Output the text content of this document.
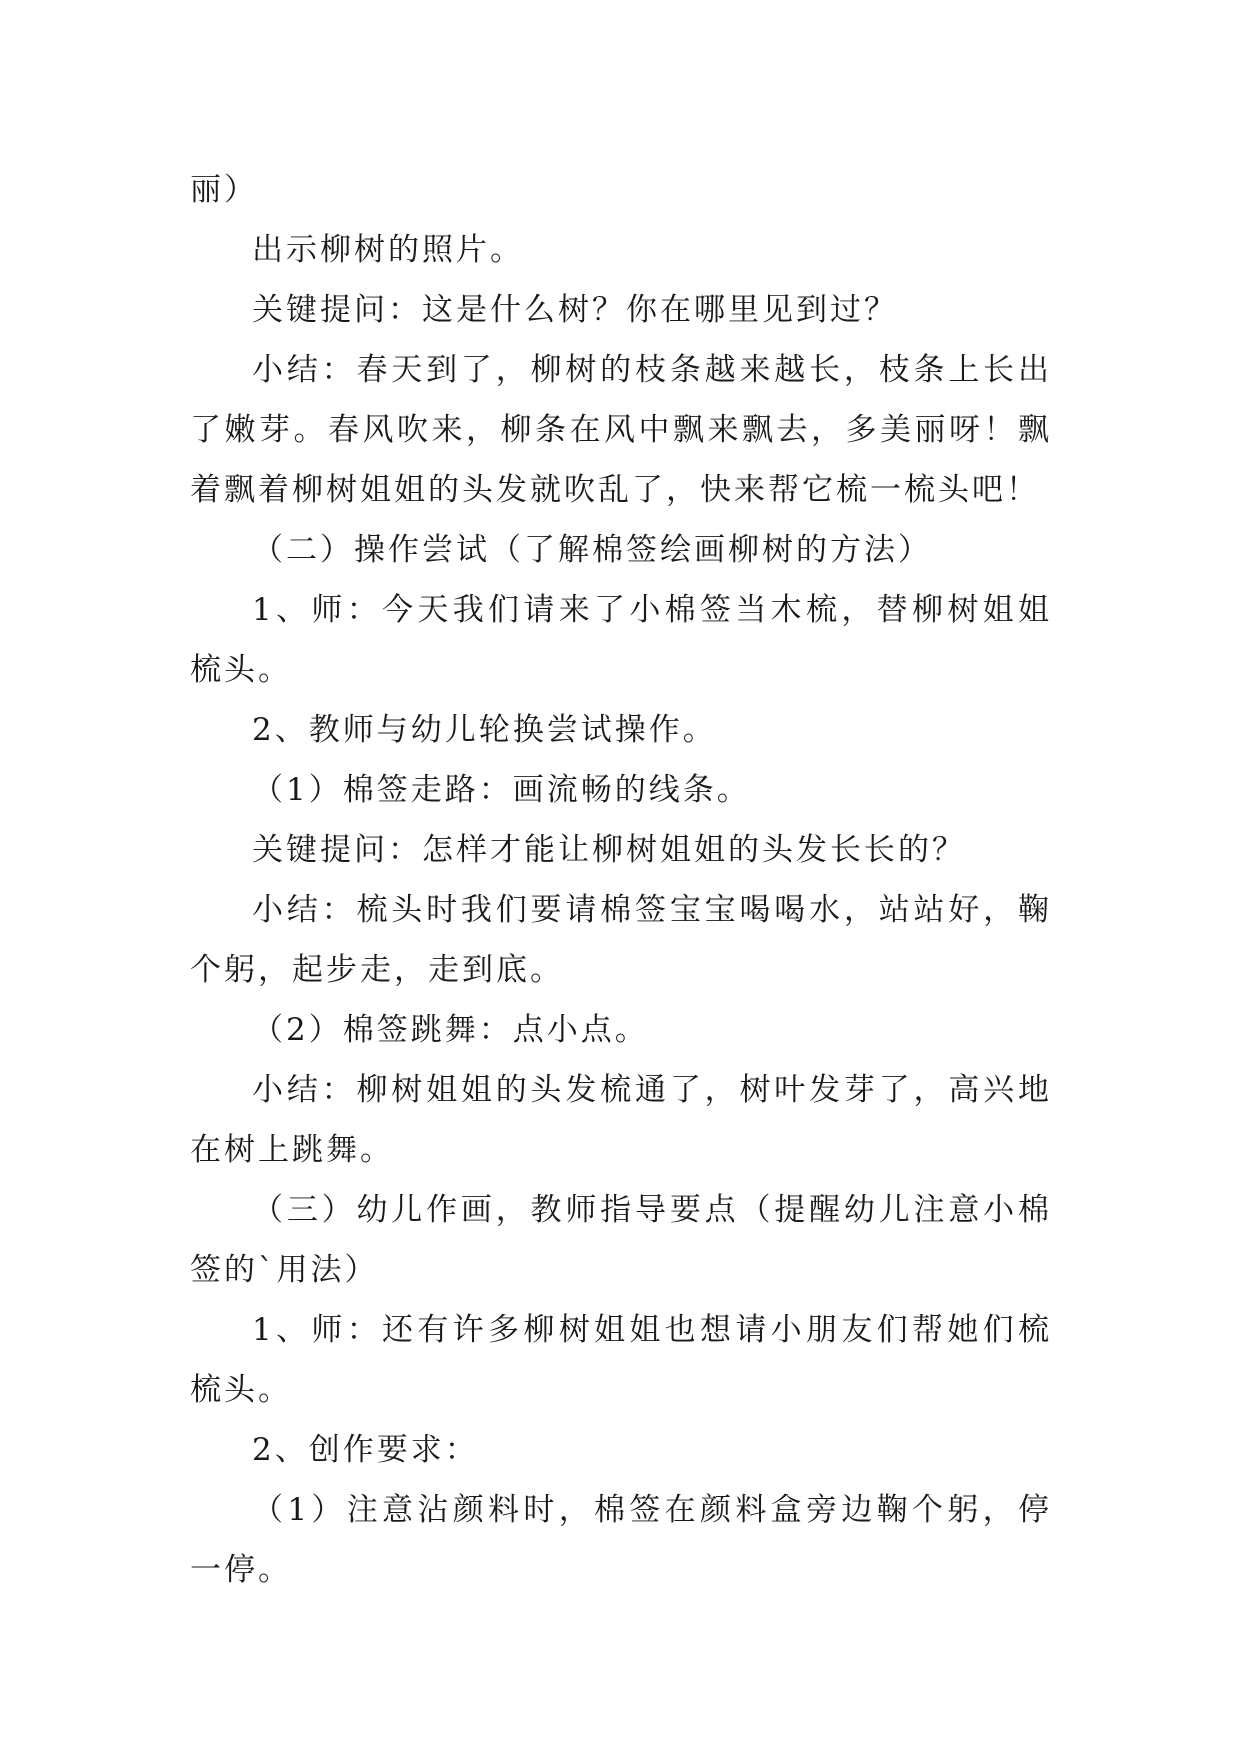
丽）

出示柳树的照片。

关键提问：这是什么树？你在哪里见到过？

小结：春天到了，柳树的枝条越来越长，枝条上长出了嫩芽。春风吹来，柳条在风中飘来飘去，多美丽呀！飘着飘着柳树姐姐的头发就吹乱了，快来帮它梳一梳头吧！

（二）操作尝试（了解棉签绘画柳树的方法）

1、师：今天我们请来了小棉签当木梳，替柳树姐姐梳头。

2、教师与幼儿轮换尝试操作。

（1）棉签走路：画流畅的线条。

关键提问：怎样才能让柳树姐姐的头发长长的？

小结：梳头时我们要请棉签宝宝喝喝水，站站好，鞠个躬，起步走，走到底。

（2）棉签跳舞：点小点。

小结：柳树姐姐的头发梳通了，树叶发芽了，高兴地在树上跳舞。

（三）幼儿作画，教师指导要点（提醒幼儿注意小棉签的`用法）

1、师：还有许多柳树姐姐也想请小朋友们帮她们梳梳头。

2、创作要求：

（1）注意沾颜料时，棉签在颜料盒旁边鞠个躬，停一停。
